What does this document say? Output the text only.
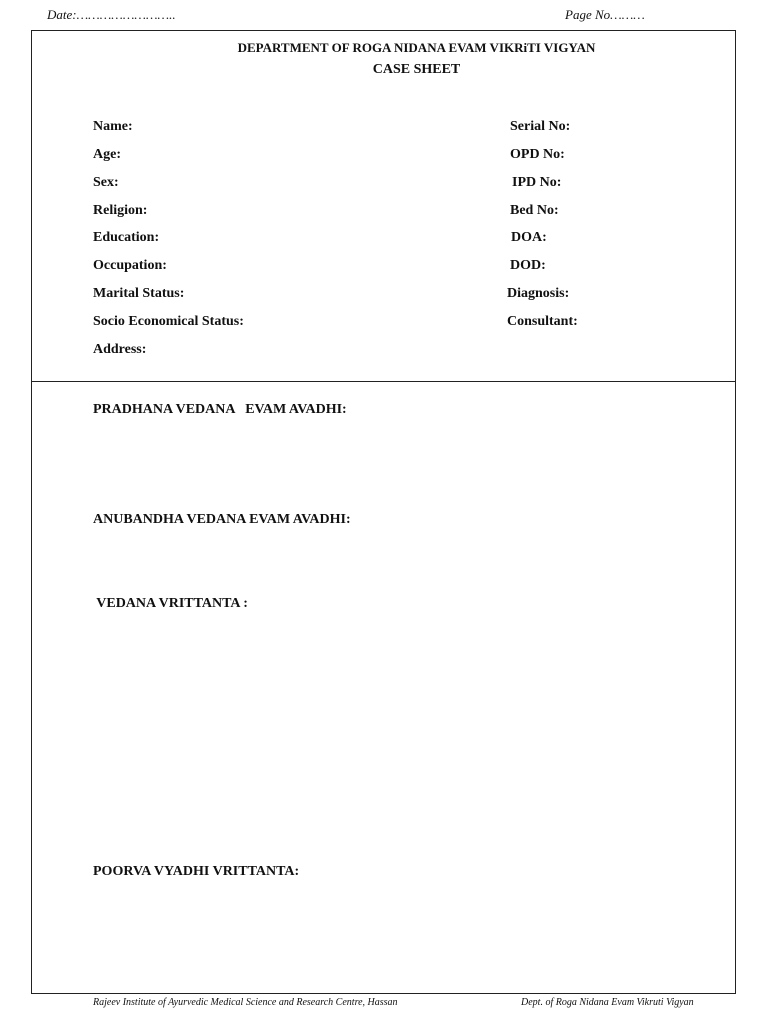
Date:……………………..	Page No………
DEPARTMENT OF ROGA NIDANA EVAM VIKRiTI VIGYAN
CASE SHEET
Name:
Age:
Sex:
Religion:
Education:
Occupation:
Marital Status:
Socio Economical Status:
Address:
Serial No:
OPD No:
IPD No:
Bed No:
DOA:
DOD:
Diagnosis:
Consultant:
PRADHANA VEDANA   EVAM AVADHI:
ANUBANDHA VEDANA EVAM AVADHI:
VEDANA VRITTANTA :
POORVA VYADHI VRITTANTA:
Rajeev Institute of Ayurvedic Medical Science and Research Centre, Hassan	Dept. of Roga Nidana Evam Vikruti Vigyan
